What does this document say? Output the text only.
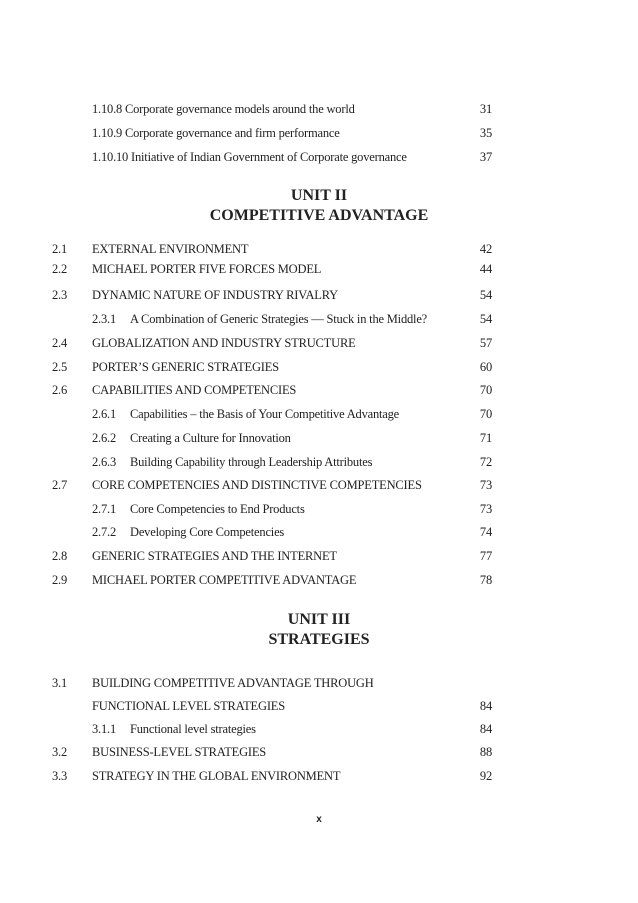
1.10.8 Corporate governance models around the world	31
1.10.9 Corporate governance and firm performance	35
1.10.10 Initiative of Indian Government of Corporate governance	37
UNIT II
COMPETITIVE ADVANTAGE
2.1 EXTERNAL ENVIRONMENT	42
2.2 MICHAEL PORTER FIVE FORCES MODEL	44
2.3 DYNAMIC NATURE OF INDUSTRY RIVALRY	54
2.3.1 A Combination of Generic Strategies — Stuck in the Middle?	54
2.4 GLOBALIZATION AND INDUSTRY STRUCTURE	57
2.5 PORTER’S GENERIC STRATEGIES	60
2.6 CAPABILITIES AND COMPETENCIES	70
2.6.1 Capabilities – the Basis of Your Competitive Advantage	70
2.6.2 Creating a Culture for Innovation	71
2.6.3 Building Capability through Leadership Attributes	72
2.7 CORE COMPETENCIES AND DISTINCTIVE COMPETENCIES	73
2.7.1 Core Competencies to End Products	73
2.7.2 Developing Core Competencies	74
2.8 GENERIC STRATEGIES AND THE INTERNET	77
2.9 MICHAEL PORTER COMPETITIVE ADVANTAGE	78
UNIT III
STRATEGIES
3.1 BUILDING COMPETITIVE ADVANTAGE THROUGH
FUNCTIONAL LEVEL STRATEGIES	84
3.1.1 Functional level strategies	84
3.2 BUSINESS-LEVEL STRATEGIES	88
3.3 STRATEGY IN THE GLOBAL ENVIRONMENT	92
x
